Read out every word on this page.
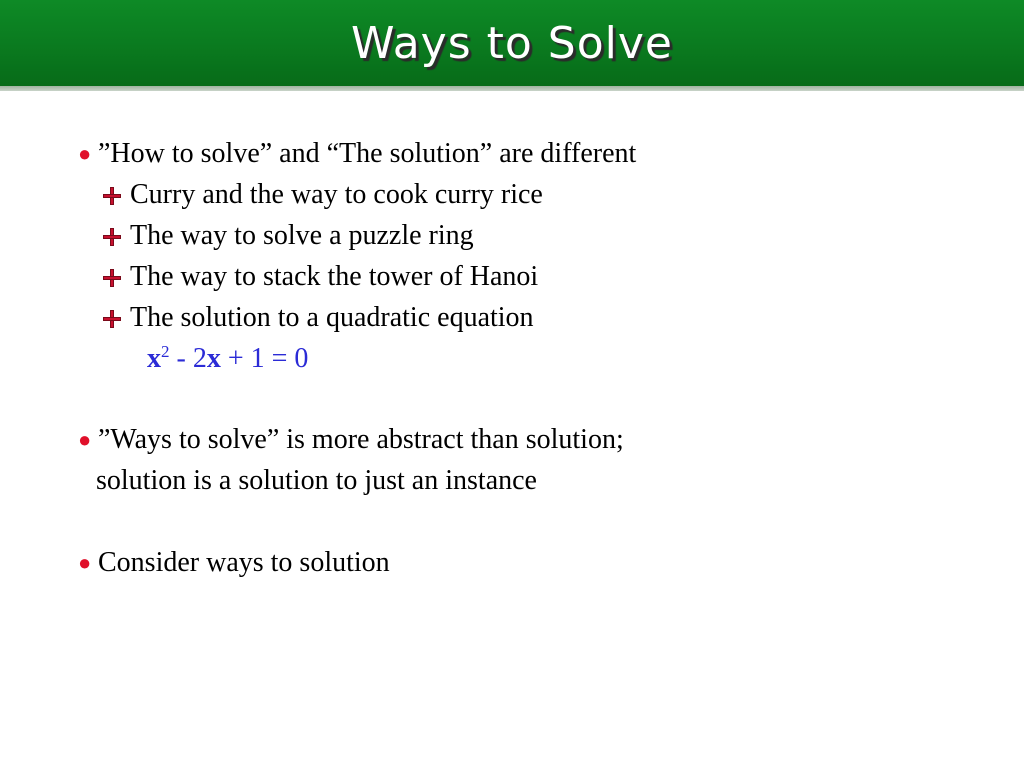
Ways to Solve
● ”How to solve” and “The solution” are different
Curry and the way to cook curry rice
The way to solve a puzzle ring
The way to stack the tower of Hanoi
The solution to a quadratic equation
$x^2 - 2x + 1 = 0$
● ”Ways to solve” is more abstract than solution;
solution is a solution to just an instance
● Consider ways to solution
